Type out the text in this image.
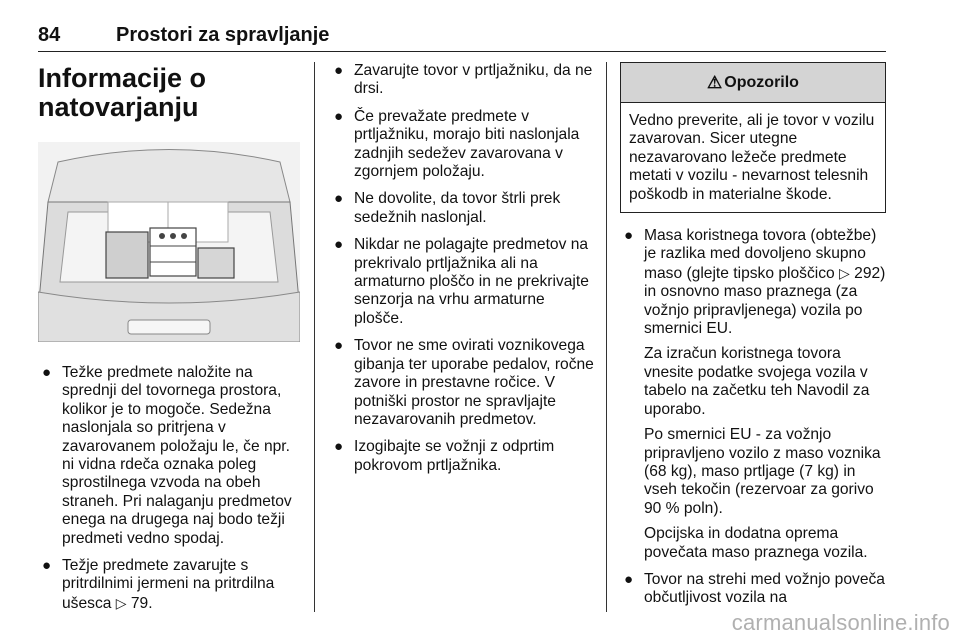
84	Prostori za spravljanje
Informacije o natovarjanju
● Težke predmete naložite na sprednji del tovornega prostora, kolikor je to mogoče. Sedežna naslonjala so pritrjena v zavarovanem položaju le, če npr. ni vidna rdeča oznaka poleg sprostilnega vzvoda na obeh straneh. Pri nalaganju predmetov enega na drugega naj bodo težji predmeti vedno spodaj.
● Težje predmete zavarujte s pritrdilnimi jermeni na pritrdilna ušesca ▷ 79.
● Zavarujte tovor v prtljažniku, da ne drsi.
● Če prevažate predmete v prtljažniku, morajo biti naslonjala zadnjih sedežev zavarovana v zgornjem položaju.
● Ne dovolite, da tovor štrli prek sedežnih naslonjal.
● Nikdar ne polagajte predmetov na prekrivalo prtljažnika ali na armaturno ploščo in ne prekrivajte senzorja na vrhu armaturne plošče.
● Tovor ne sme ovirati voznikovega gibanja ter uporabe pedalov, ročne zavore in prestavne ročice. V potniški prostor ne spravljajte nezavarovanih predmetov.
● Izogibajte se vožnji z odprtim pokrovom prtljažnika.
⚠ Opozorilo
Vedno preverite, ali je tovor v vozilu zavarovan. Sicer utegne nezavarovano ležeče predmete metati v vozilu - nevarnost telesnih poškodb in materialne škode.
● Masa koristnega tovora (obtežbe) je razlika med dovoljeno skupno maso (glejte tipsko ploščico ▷ 292) in osnovno maso praznega (za vožnjo pripravljenega) vozila po smernici EU.

Za izračun koristnega tovora vnesite podatke svojega vozila v tabelo na začetku teh Navodil za uporabo.

Po smernici EU - za vožnjo pripravljeno vozilo z maso voznika (68 kg), maso prtljage (7 kg) in vseh tekočin (rezervoar za gorivo 90 % poln).

Opcijska in dodatna oprema povečata maso praznega vozila.

● Tovor na strehi med vožnjo poveča občutljivost vozila na
carmanualsonline.info
